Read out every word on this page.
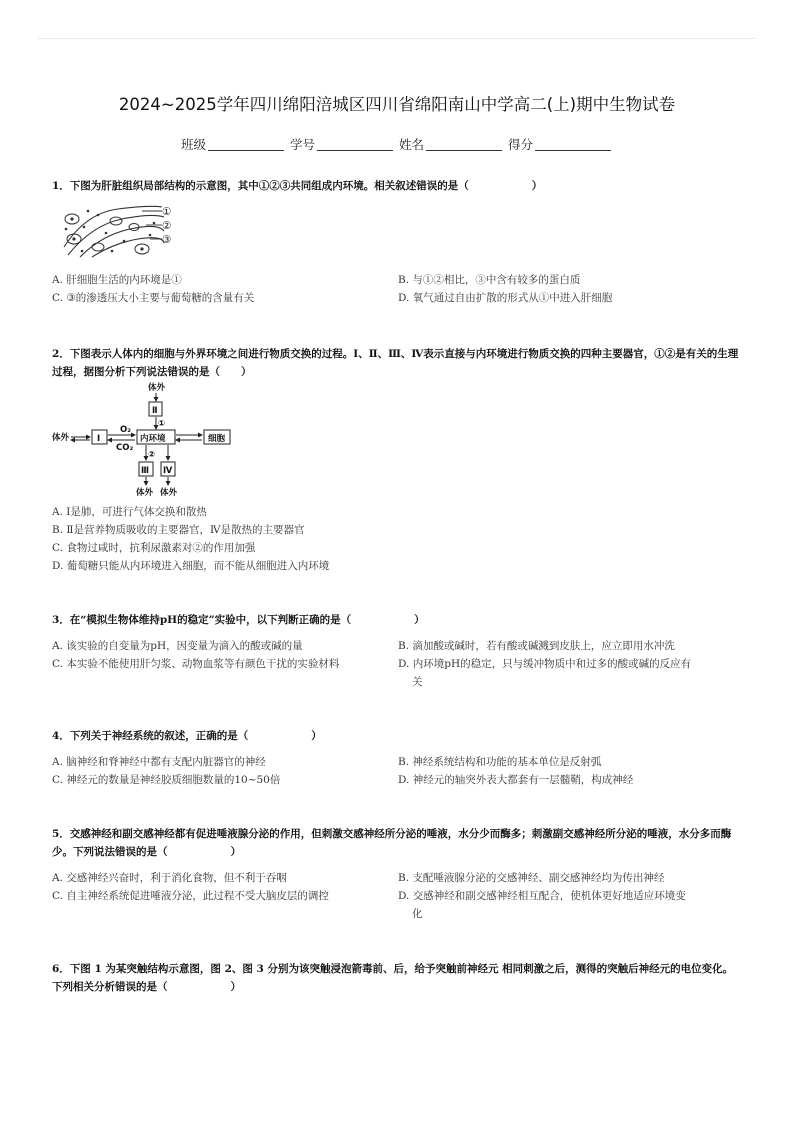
2024~2025学年四川绵阳涪城区四川省绵阳南山中学高二(上)期中生物试卷
班级	学号	姓名	得分
1．下图为肝脏组织局部结构的示意图，其中①②③共同组成内环境。相关叙述错误的是（　　　　　　）
①
②
③
A. 肝细胞生活的内环境是①	B. 与①②相比，③中含有较多的蛋白质
C. ③的渗透压大小主要与葡萄糖的含量有关	D. 氧气通过自由扩散的形式从①中进入肝细胞
2．下图表示人体内的细胞与外界环境之间进行物质交换的过程。Ⅰ、Ⅱ、Ⅲ、Ⅳ表示直接与内环境进行物质交换的四种主要器官，①②是有关的生理过程，据图分析下列说法错误的是（　　）
体外
Ⅱ
①
体外	Ⅰ
O₂
CO₂
内环境	细胞
②
Ⅲ
体外
Ⅳ
体外
A. Ⅰ是肺，可进行气体交换和散热
B. Ⅱ是营养物质吸收的主要器官，Ⅳ是散热的主要器官
C. 食物过咸时，抗利尿激素对②的作用加强
D. 葡萄糖只能从内环境进入细胞，而不能从细胞进入内环境
3．在“模拟生物体维持pH的稳定”实验中，以下判断正确的是（　　　　　　）
A. 该实验的自变量为pH，因变量为滴入的酸或碱的量	B. 滴加酸或碱时，若有酸或碱溅到皮肤上，应立即用水冲洗
C. 本实验不能使用肝匀浆、动物血浆等有颜色干扰的实验材料	D. 内环境pH的稳定，只与缓冲物质中和过多的酸或碱的反应有
关
4．下列关于神经系统的叙述，正确的是（　　　　　　）
A. 脑神经和脊神经中都有支配内脏器官的神经	B. 神经系统结构和功能的基本单位是反射弧
C. 神经元的数量是神经胶质细胞数量的10~50倍	D. 神经元的轴突外表大都套有一层髓鞘，构成神经
5．交感神经和副交感神经都有促进唾液腺分泌的作用，但刺激交感神经所分泌的唾液，水分少而酶多；刺激副交感神经所分泌的唾液，水分多而酶少。下列说法错误的是（　　　　　　）
A. 交感神经兴奋时，利于消化食物，但不利于吞咽	B. 支配唾液腺分泌的交感神经、副交感神经均为传出神经
C. 自主神经系统促进唾液分泌，此过程不受大脑皮层的调控	D. 交感神经和副交感神经相互配合，使机体更好地适应环境变
化
6．下图 1 为某突触结构示意图，图 2、图 3 分别为该突触浸泡箭毒前、后，给予突触前神经元 相同刺激之后，测得的突触后神经元的电位变化。下列相关分析错误的是（　　　　　　）
